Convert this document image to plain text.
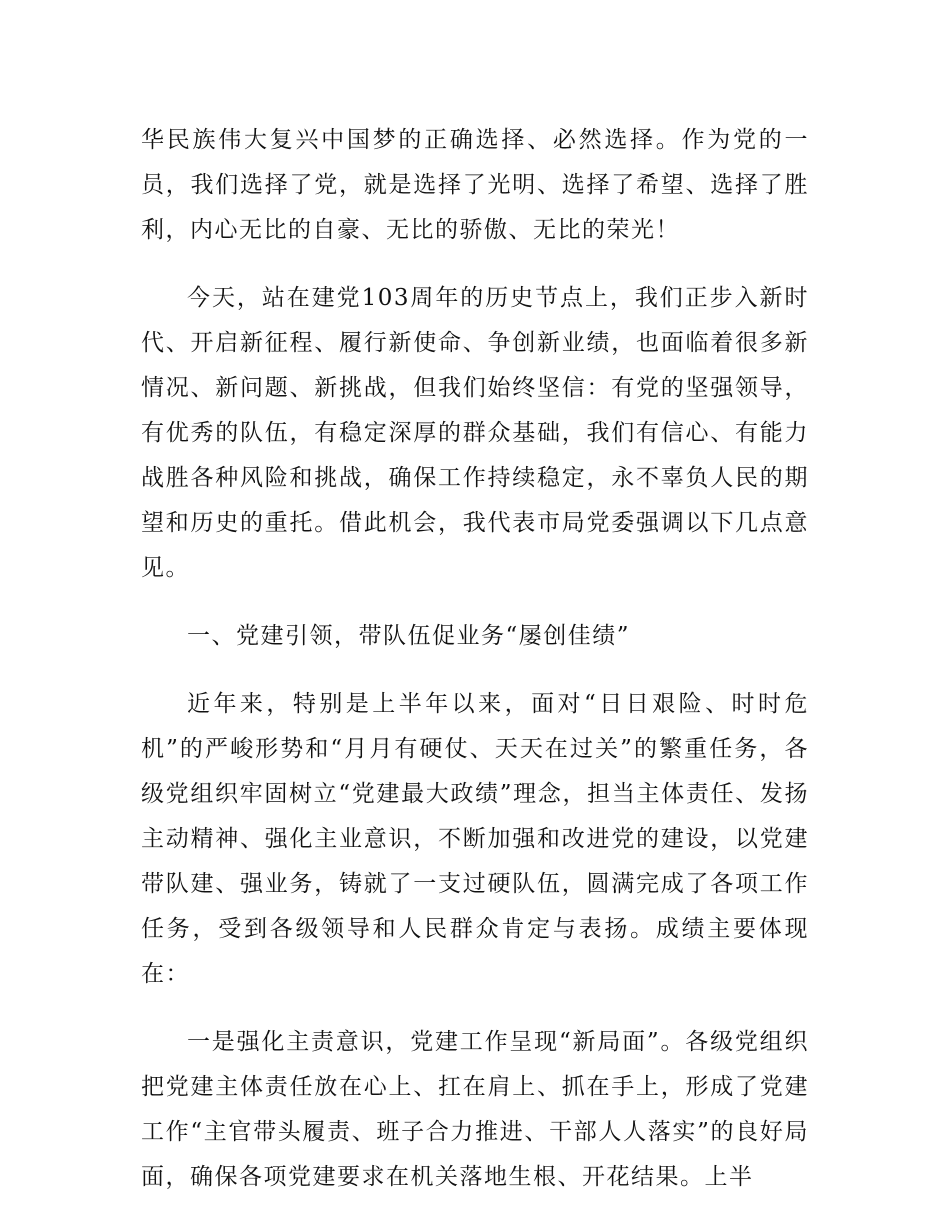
华民族伟大复兴中国梦的正确选择、必然选择。作为党的一员，我们选择了党，就是选择了光明、选择了希望、选择了胜利，内心无比的自豪、无比的骄傲、无比的荣光！

今天，站在建党103周年的历史节点上，我们正步入新时代、开启新征程、履行新使命、争创新业绩，也面临着很多新情况、新问题、新挑战，但我们始终坚信：有党的坚强领导，有优秀的队伍，有稳定深厚的群众基础，我们有信心、有能力战胜各种风险和挑战，确保工作持续稳定，永不辜负人民的期望和历史的重托。借此机会，我代表市局党委强调以下几点意见。

一、党建引领，带队伍促业务“屡创佳绩”

近年来，特别是上半年以来，面对“日日艰险、时时危机”的严峻形势和“月月有硬仗、天天在过关”的繁重任务，各级党组织牢固树立“党建最大政绩”理念，担当主体责任、发扬主动精神、强化主业意识，不断加强和改进党的建设，以党建带队建、强业务，铸就了一支过硬队伍，圆满完成了各项工作任务，受到各级领导和人民群众肯定与表扬。成绩主要体现在：

一是强化主责意识，党建工作呈现“新局面”。各级党组织把党建主体责任放在心上、扛在肩上、抓在手上，形成了党建工作“主官带头履责、班子合力推进、干部人人落实”的良好局面，确保各项党建要求在机关落地生根、开花结果。上半
